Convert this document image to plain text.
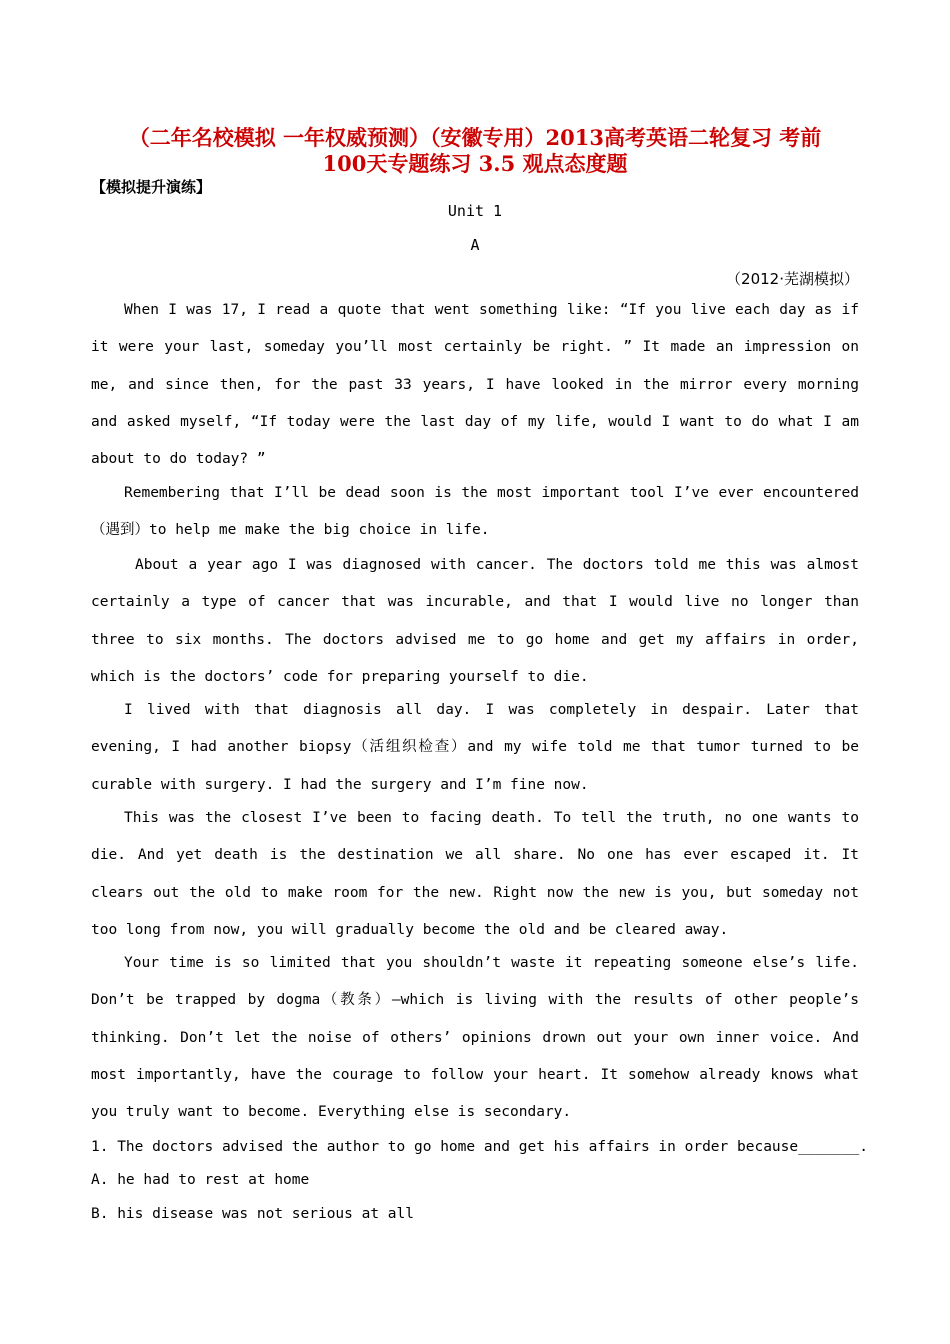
（二年名校模拟 一年权威预测）（安徽专用）2013高考英语二轮复习 考前
100天专题练习 3.5 观点态度题
【模拟提升演练】
Unit 1
A
（2012·芜湖模拟）
When I was 17, I read a quote that went something like: “If you live each day as if it were your last, someday you’ll most certainly be right. ” It made an impression on me, and since then, for the past 33 years, I have looked in the mirror every morning and asked myself, “If today were the last day of my life, would I want to do what I am about to do today? ”
Remembering that I’ll be dead soon is the most important tool I’ve ever encountered（遇到）to help me make the big choice in life.
About a year ago I was diagnosed with cancer. The doctors told me this was almost certainly a type of cancer that was incurable, and that I would live no longer than three to six months. The doctors advised me to go home and get my affairs in order, which is the doctors’ code for preparing yourself to die.
I lived with that diagnosis all day. I was completely in despair. Later that evening, I had another biopsy（活组织检查）and my wife told me that tumor turned to be curable with surgery. I had the surgery and I’m fine now.
This was the closest I’ve been to facing death. To tell the truth, no one wants to die. And yet death is the destination we all share. No one has ever escaped it. It clears out the old to make room for the new. Right now the new is you, but someday not too long from now, you will gradually become the old and be cleared away.
Your time is so limited that you shouldn’t waste it repeating someone else’s life. Don’t be trapped by dogma（教条）—which is living with the results of other people’s thinking. Don’t let the noise of others’ opinions drown out your own inner voice. And most importantly, have the courage to follow your heart. It somehow already knows what you truly want to become. Everything else is secondary.
1. The doctors advised the author to go home and get his affairs in order because_______.
A. he had to rest at home
B. his disease was not serious at all
